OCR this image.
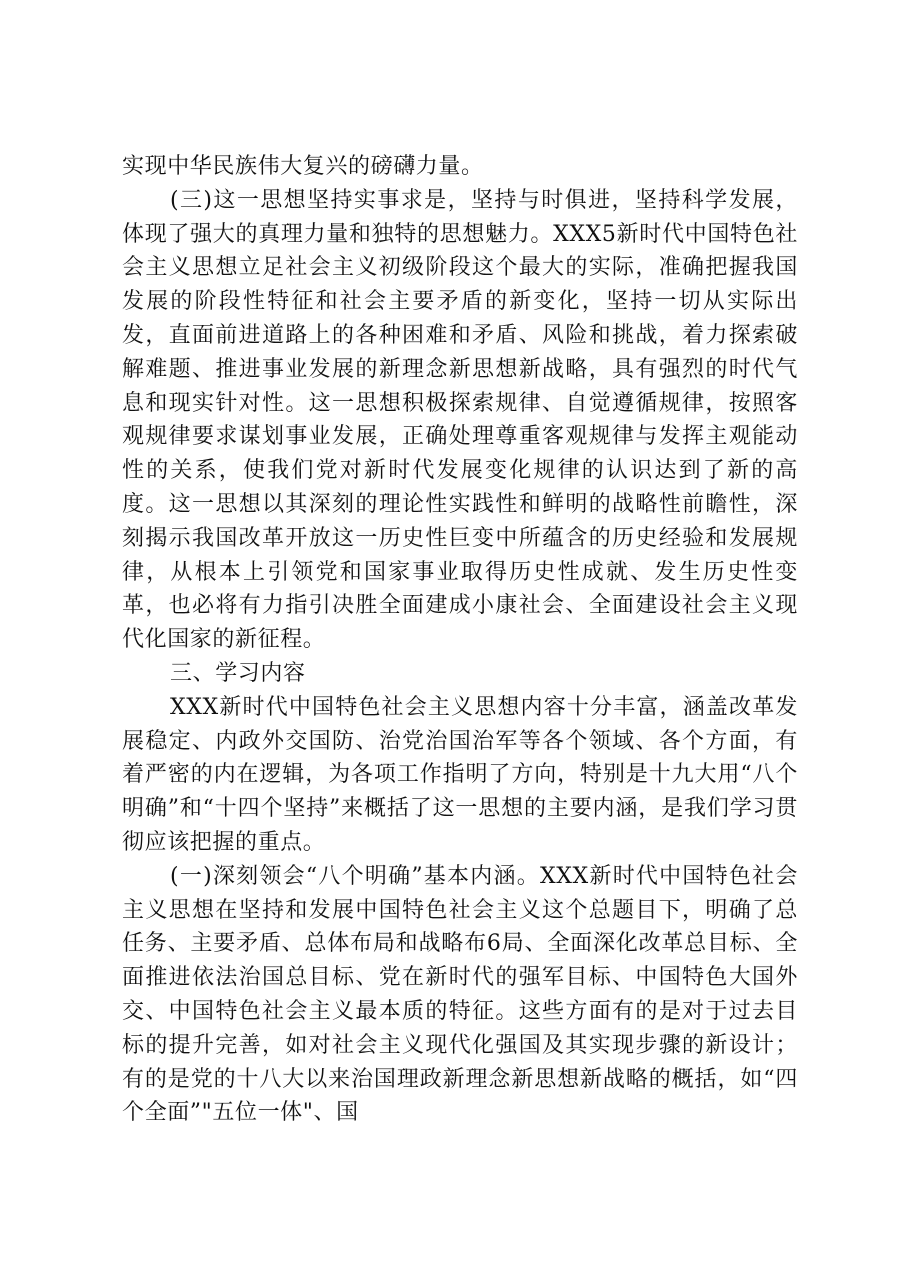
实现中华民族伟大复兴的磅礴力量。

(三)这一思想坚持实事求是，坚持与时俱进，坚持科学发展，体现了强大的真理力量和独特的思想魅力。XXX5新时代中国特色社会主义思想立足社会主义初级阶段这个最大的实际，准确把握我国发展的阶段性特征和社会主要矛盾的新变化，坚持一切从实际出发，直面前进道路上的各种困难和矛盾、风险和挑战，着力探索破解难题、推进事业发展的新理念新思想新战略，具有强烈的时代气息和现实针对性。这一思想积极探索规律、自觉遵循规律，按照客观规律要求谋划事业发展，正确处理尊重客观规律与发挥主观能动性的关系，使我们党对新时代发展变化规律的认识达到了新的高度。这一思想以其深刻的理论性实践性和鲜明的战略性前瞻性，深刻揭示我国改革开放这一历史性巨变中所蕴含的历史经验和发展规律，从根本上引领党和国家事业取得历史性成就、发生历史性变革，也必将有力指引决胜全面建成小康社会、全面建设社会主义现代化国家的新征程。

三、学习内容

XXX新时代中国特色社会主义思想内容十分丰富，涵盖改革发展稳定、内政外交国防、治党治国治军等各个领域、各个方面，有着严密的内在逻辑，为各项工作指明了方向，特别是十九大用“八个明确”和“十四个坚持”来概括了这一思想的主要内涵，是我们学习贯彻应该把握的重点。

(一)深刻领会“八个明确”基本内涵。XXX新时代中国特色社会主义思想在坚持和发展中国特色社会主义这个总题目下，明确了总任务、主要矛盾、总体布局和战略布6局、全面深化改革总目标、全面推进依法治国总目标、党在新时代的强军目标、中国特色大国外交、中国特色社会主义最本质的特征。这些方面有的是对于过去目标的提升完善，如对社会主义现代化强国及其实现步骤的新设计；有的是党的十八大以来治国理政新理念新思想新战略的概括，如“四个全面”"五位一体"、国
